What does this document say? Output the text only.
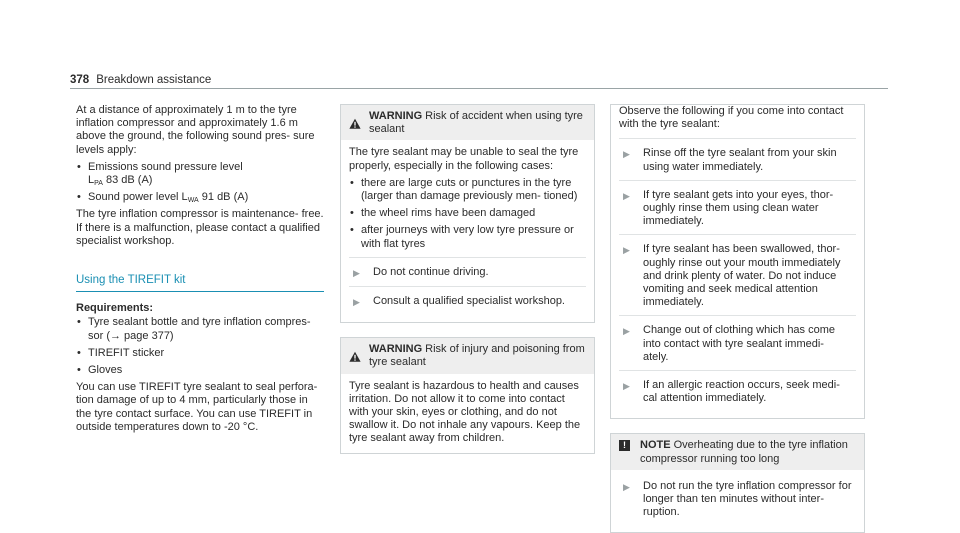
378 Breakdown assistance

At a distance of approximately 1 m to the tyre inflation compressor and approximately 1.6 m above the ground, the following sound pres- sure levels apply:

• Emissions sound pressure level
$L_{PA}$ 83 dB (A)
• Sound power level $L_{WA}$ 91 dB (A)

The tyre inflation compressor is maintenance- free. If there is a malfunction, please contact a qualified specialist workshop.

Using the TIREFIT kit

Requirements:

• Tyre sealant bottle and tyre inflation compres- sor (→ page 377)
• TIREFIT sticker
• Gloves

You can use TIREFIT tyre sealant to seal perfora- tion damage of up to 4 mm, particularly those in the tyre contact surface. You can use TIREFIT in outside temperatures down to -20 °C.

WARNING Risk of accident when using tyre sealant

The tyre sealant may be unable to seal the tyre properly, especially in the following cases:

• there are large cuts or punctures in the tyre (larger than damage previously men- tioned)
• the wheel rims have been damaged
• after journeys with very low tyre pressure or with flat tyres
▶	Do not continue driving.
▶	Consult a qualified specialist workshop.
WARNING Risk of injury and poisoning from tyre sealant

Tyre sealant is hazardous to health and causes irritation. Do not allow it to come into contact with your skin, eyes or clothing, and do not swallow it. Do not inhale any vapours. Keep the tyre sealant away from children.

Observe the following if you come into contact with the tyre sealant:

▶	Rinse off the tyre sealant from your skin using water immediately.
▶	If tyre sealant gets into your eyes, thor- oughly rinse them using clean water immediately.
▶	If tyre sealant has been swallowed, thor- oughly rinse out your mouth immediately and drink plenty of water. Do not induce vomiting and seek medical attention immediately.
▶	Change out of clothing which has come into contact with tyre sealant immedi- ately.
▶	If an allergic reaction occurs, seek medi- cal attention immediately.
!	NOTE Overheating due to the tyre inflation compressor running too long
▶	Do not run the tyre inflation compressor for longer than ten minutes without inter- ruption.
